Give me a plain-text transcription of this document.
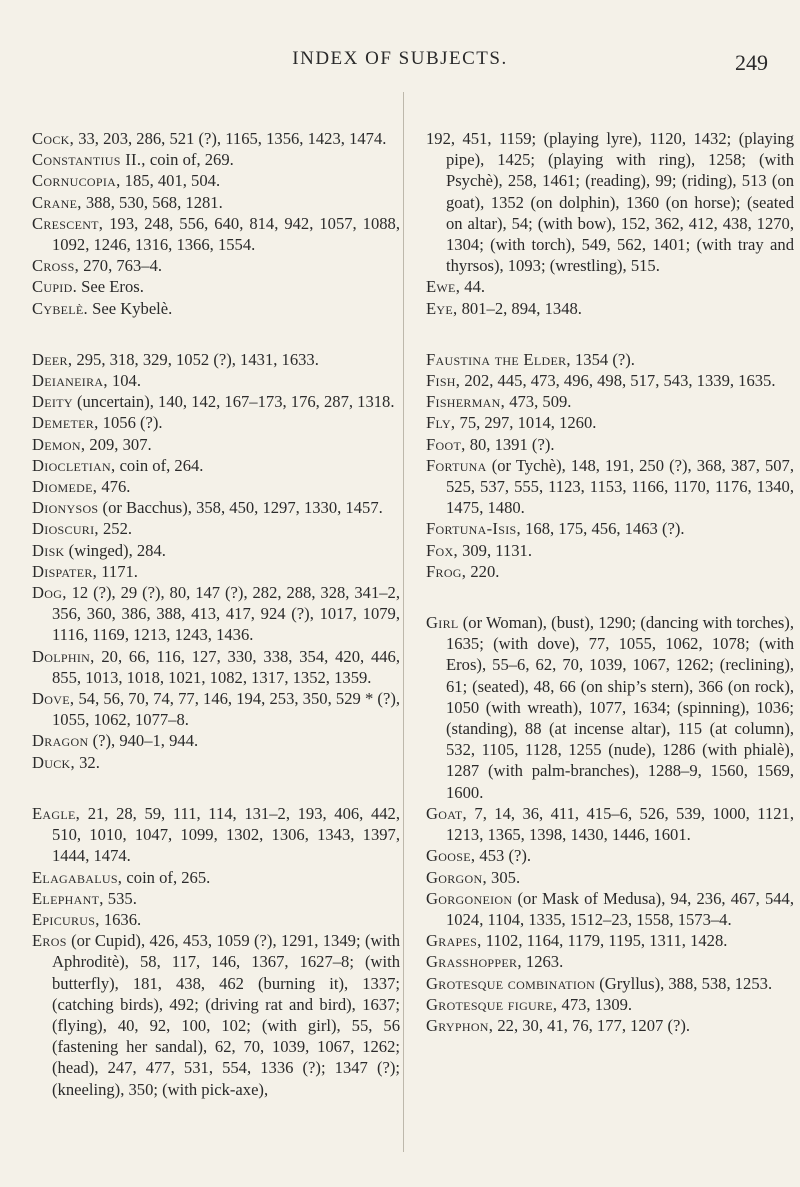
INDEX OF SUBJECTS.	249

Cock, 33, 203, 286, 521 (?), 1165, 1356, 1423, 1474.

Constantius II., coin of, 269.

Cornucopia, 185, 401, 504.

Crane, 388, 530, 568, 1281.

Crescent, 193, 248, 556, 640, 814, 942, 1057, 1088, 1092, 1246, 1316, 1366, 1554.

Cross, 270, 763–4.

Cupid. See Eros.

Cybelè. See Kybelè.

Deer, 295, 318, 329, 1052 (?), 1431, 1633.

Deianeira, 104.

Deity (uncertain), 140, 142, 167–173, 176, 287, 1318.

Demeter, 1056 (?).

Demon, 209, 307.

Diocletian, coin of, 264.

Diomede, 476.

Dionysos (or Bacchus), 358, 450, 1297, 1330, 1457.

Dioscuri, 252.

Disk (winged), 284.

Dispater, 1171.

Dog, 12 (?), 29 (?), 80, 147 (?), 282, 288, 328, 341–2, 356, 360, 386, 388, 413, 417, 924 (?), 1017, 1079, 1116, 1169, 1213, 1243, 1436.

Dolphin, 20, 66, 116, 127, 330, 338, 354, 420, 446, 855, 1013, 1018, 1021, 1082, 1317, 1352, 1359.

Dove, 54, 56, 70, 74, 77, 146, 194, 253, 350, 529 * (?), 1055, 1062, 1077–8.

Dragon (?), 940–1, 944.

Duck, 32.

Eagle, 21, 28, 59, 111, 114, 131–2, 193, 406, 442, 510, 1010, 1047, 1099, 1302, 1306, 1343, 1397, 1444, 1474.

Elagabalus, coin of, 265.

Elephant, 535.

Epicurus, 1636.

Eros (or Cupid), 426, 453, 1059 (?), 1291, 1349; (with Aphroditè), 58, 117, 146, 1367, 1627–8; (with butterfly), 181, 438, 462 (burning it), 1337; (catching birds), 492; (driving rat and bird), 1637; (flying), 40, 92, 100, 102; (with girl), 55, 56 (fastening her sandal), 62, 70, 1039, 1067, 1262; (head), 247, 477, 531, 554, 1336 (?); 1347 (?); (kneeling), 350; (with pick-axe),

192, 451, 1159; (playing lyre), 1120, 1432; (playing pipe), 1425; (playing with ring), 1258; (with Psychè), 258, 1461; (reading), 99; (riding), 513 (on goat), 1352 (on dolphin), 1360 (on horse); (seated on altar), 54; (with bow), 152, 362, 412, 438, 1270, 1304; (with torch), 549, 562, 1401; (with tray and thyrsos), 1093; (wrestling), 515.

Ewe, 44.

Eye, 801–2, 894, 1348.

Faustina the Elder, 1354 (?).

Fish, 202, 445, 473, 496, 498, 517, 543, 1339, 1635.

Fisherman, 473, 509.

Fly, 75, 297, 1014, 1260.

Foot, 80, 1391 (?).

Fortuna (or Tychè), 148, 191, 250 (?), 368, 387, 507, 525, 537, 555, 1123, 1153, 1166, 1170, 1176, 1340, 1475, 1480.

Fortuna-Isis, 168, 175, 456, 1463 (?).

Fox, 309, 1131.

Frog, 220.

Girl (or Woman), (bust), 1290; (dancing with torches), 1635; (with dove), 77, 1055, 1062, 1078; (with Eros), 55–6, 62, 70, 1039, 1067, 1262; (reclining), 61; (seated), 48, 66 (on ship’s stern), 366 (on rock), 1050 (with wreath), 1077, 1634; (spinning), 1036; (standing), 88 (at incense altar), 115 (at column), 532, 1105, 1128, 1255 (nude), 1286 (with phialè), 1287 (with palm-branches), 1288–9, 1560, 1569, 1600.

Goat, 7, 14, 36, 411, 415–6, 526, 539, 1000, 1121, 1213, 1365, 1398, 1430, 1446, 1601.

Goose, 453 (?).

Gorgon, 305.

Gorgoneion (or Mask of Medusa), 94, 236, 467, 544, 1024, 1104, 1335, 1512–23, 1558, 1573–4.

Grapes, 1102, 1164, 1179, 1195, 1311, 1428.

Grasshopper, 1263.

Grotesque combination (Gryllus), 388, 538, 1253.

Grotesque figure, 473, 1309.

Gryphon, 22, 30, 41, 76, 177, 1207 (?).
